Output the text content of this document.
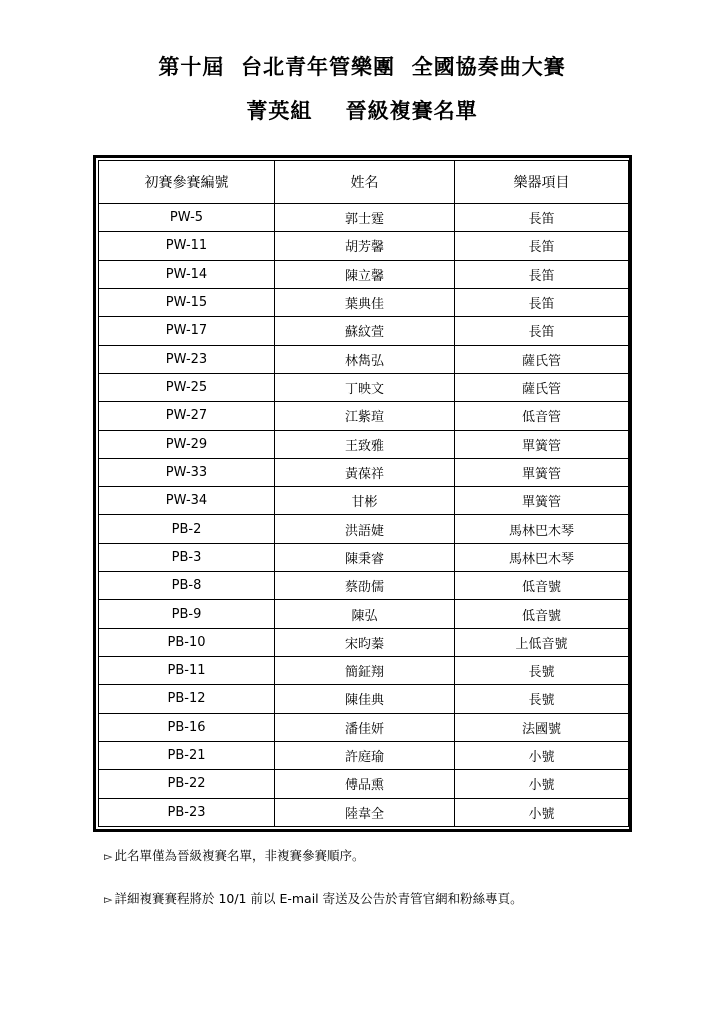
第十屆  台北青年管樂團  全國協奏曲大賽
菁英組    晉級複賽名單
初賽參賽編號	姓名	樂器項目
PW-5	郭士霆	長笛
PW-11	胡芳馨	長笛
PW-14	陳立馨	長笛
PW-15	葉典佳	長笛
PW-17	蘇紋萱	長笛
PW-23	林雋弘	薩氏管
PW-25	丁映文	薩氏管
PW-27	江紫瑄	低音管
PW-29	王致雅	單簧管
PW-33	黃葆祥	單簧管
PW-34	甘彬	單簧管
PB-2	洪語婕	馬林巴木琴
PB-3	陳秉睿	馬林巴木琴
PB-8	蔡劭儒	低音號
PB-9	陳弘	低音號
PB-10	宋昀蓁	上低音號
PB-11	簡鉦翔	長號
PB-12	陳佳典	長號
PB-16	潘佳妍	法國號
PB-21	許庭瑜	小號
PB-22	傅品熏	小號
PB-23	陸韋全	小號
▻ 此名單僅為晉級複賽名單，非複賽參賽順序。
▻ 詳細複賽賽程將於 10/1 前以 E-mail 寄送及公告於青管官網和粉絲專頁。
